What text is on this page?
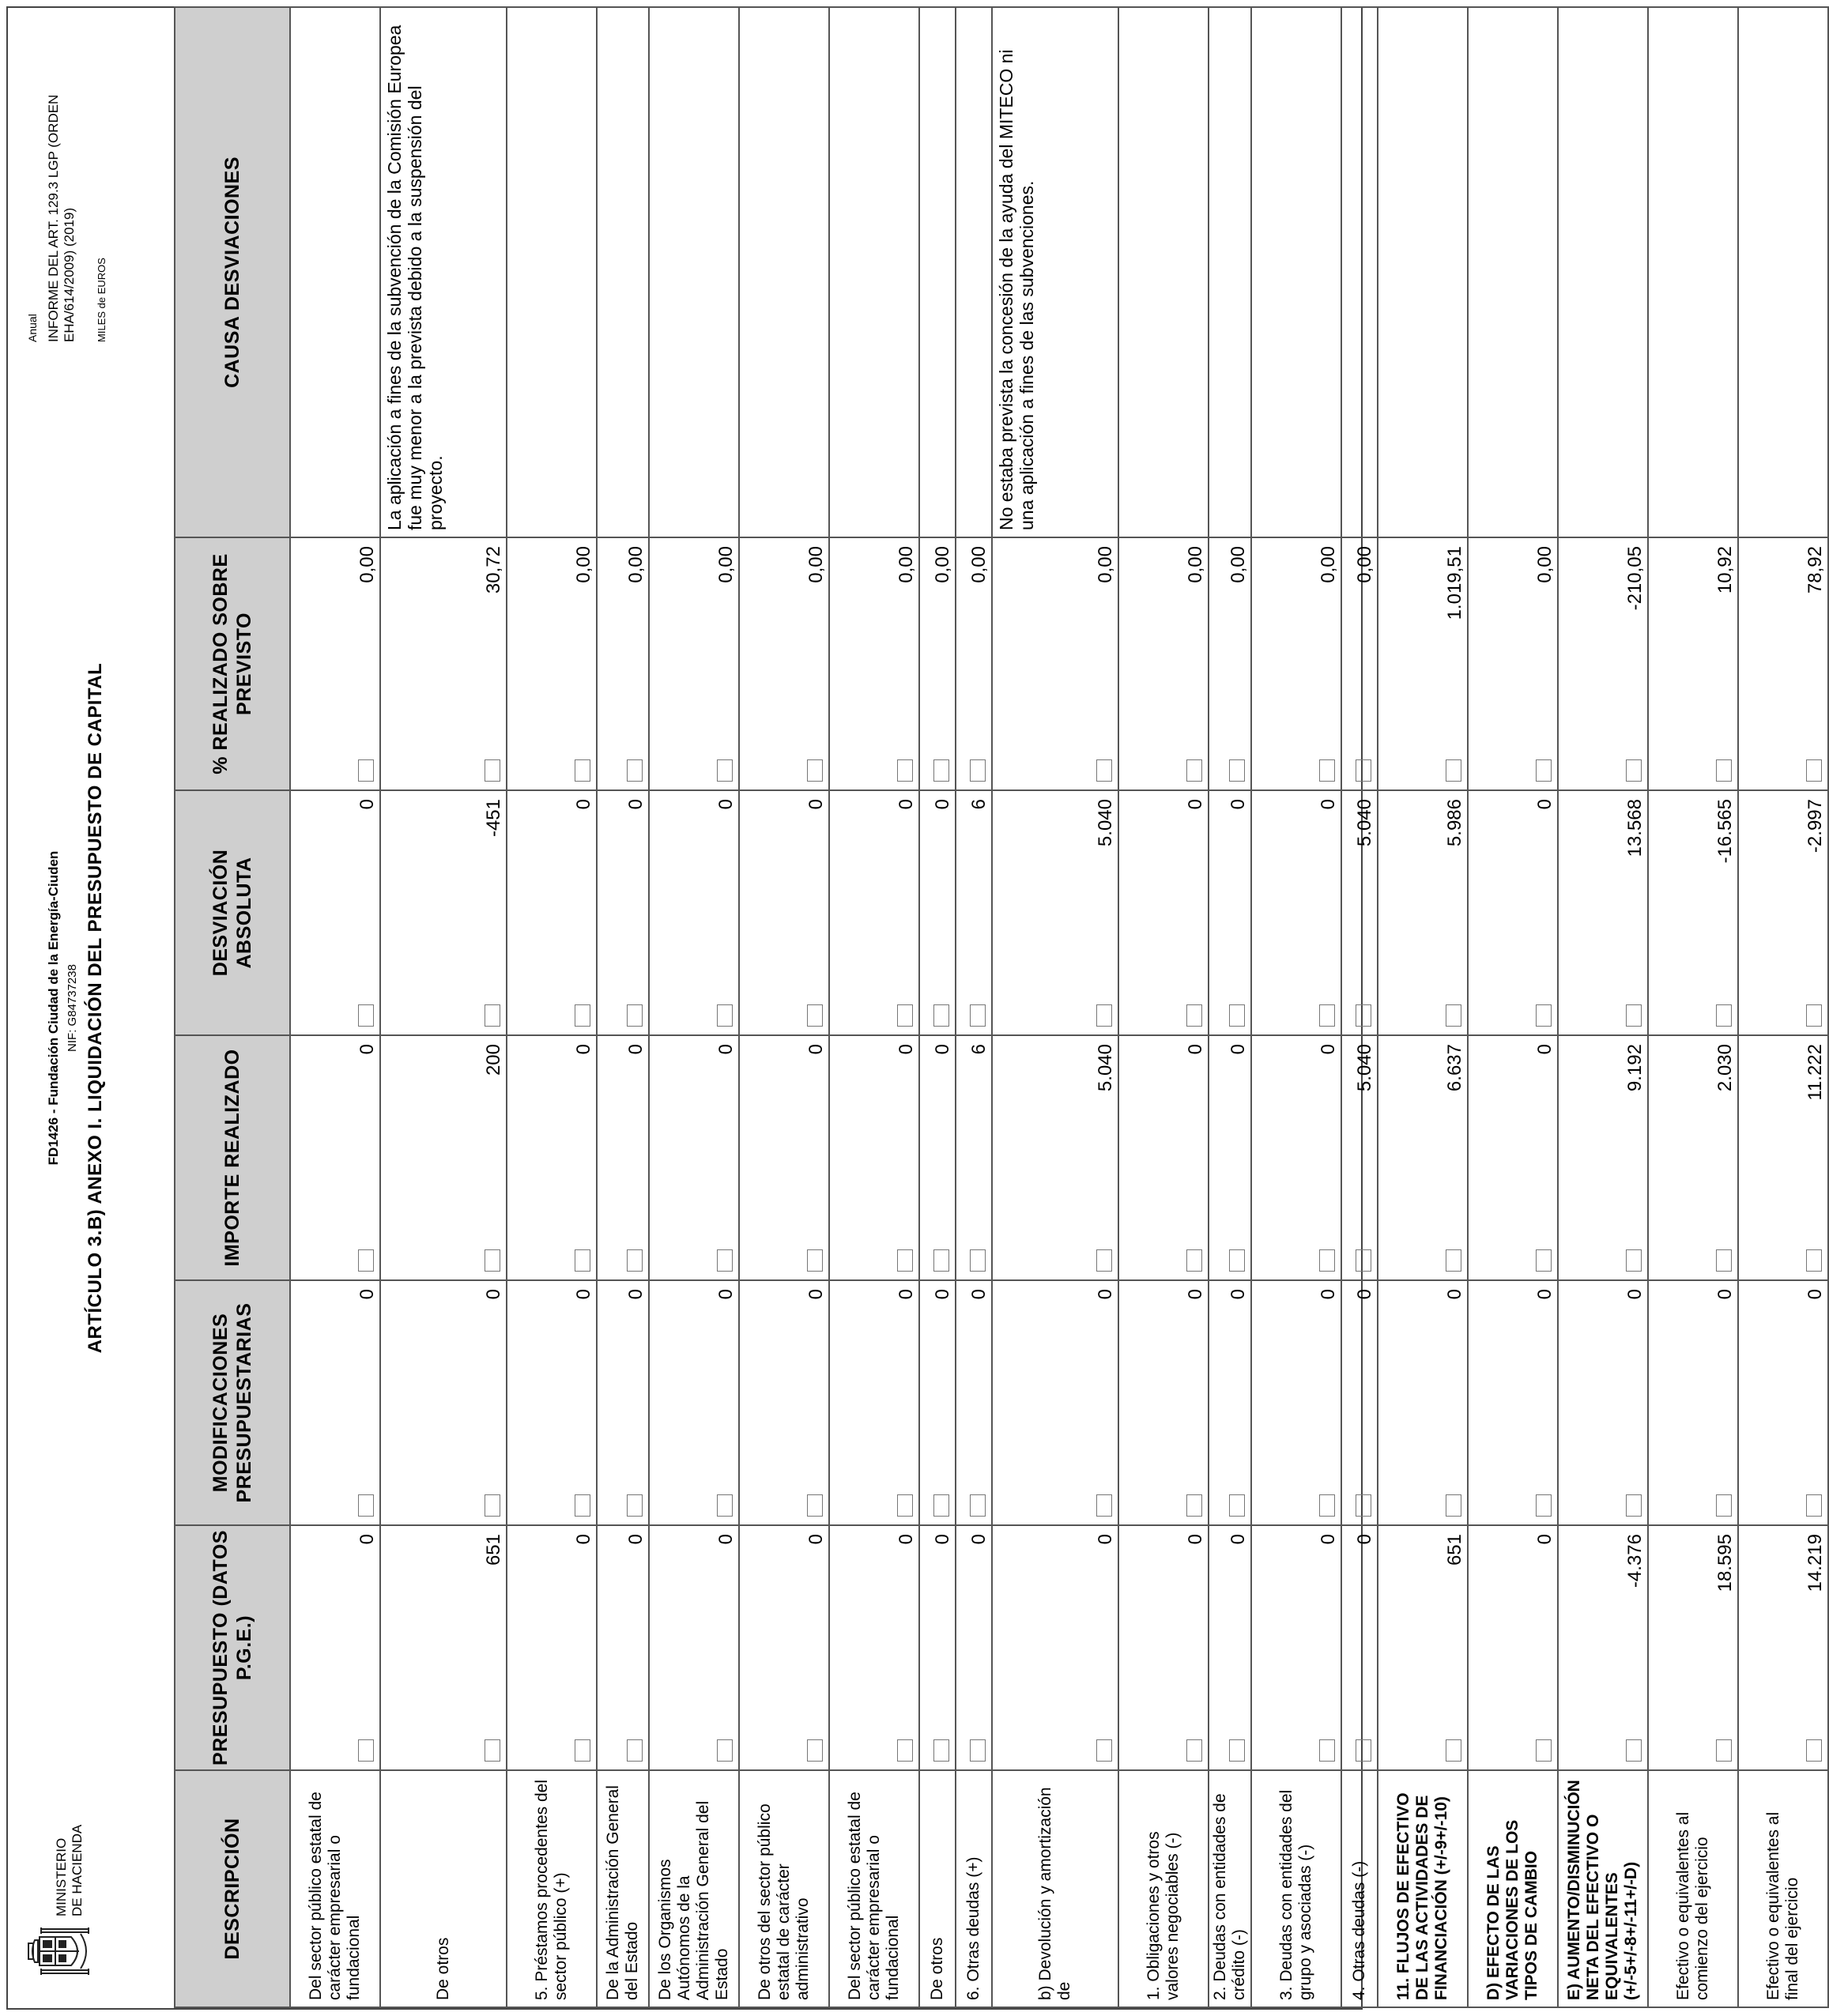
MINISTERIO DE HACIENDA
FD1426 - Fundación Ciudad de la Energía-Ciuden NIF: G84737238 ARTÍCULO 3.B) ANEXO I. LIQUIDACIÓN DEL PRESUPUESTO DE CAPITAL
Anual INFORME DEL ART. 129.3 LGP (ORDEN EHA/614/2009) (2019) MILES de EUROS
DESCRIPCIÓN	PRESUPUESTO (DATOS P.G.E.)	MODIFICACIONES PRESUPUESTARIAS	IMPORTE REALIZADO	DESVIACIÓN ABSOLUTA	% REALIZADO SOBRE PREVISTO	CAUSA DESVIACIONES
Del sector público estatal de carácter empresarial o fundacional	0	0	0	0	0,00	

De otros	651	0	200	-451	30,72	La aplicación a fines de la subvención de la Comisión Europea fue muy menor a la prevista debido a la suspensión del proyecto.
5. Préstamos procedentes del sector público (+)	0	0	0	0	0,00	

De la Administración General del Estado	0	0	0	0	0,00	

De los Organismos Autónomos de la Administración General del Estado	0	0	0	0	0,00	

De otros del sector público estatal de carácter administrativo	0	0	0	0	0,00	

Del sector público estatal de carácter empresarial o fundacional	0	0	0	0	0,00	

De otros	0	0	0	0	0,00	

6. Otras deudas (+)	0	0	6	6	0,00	

b) Devolución y amortización de	0	0	5.040	5.040	0,00	No estaba prevista la concesión de la ayuda del MITECO ni una aplicación a fines de las subvenciones.
1. Obligaciones y otros valores negociables (-)	0	0	0	0	0,00	

2. Deudas con entidades de crédito (-)	0	0	0	0	0,00	

3. Deudas con entidades del grupo y asociadas (-)	0	0	0	0	0,00	

4. Otras deudas (-)	0	0	5.040	5.040	0,00	

11. FLUJOS DE EFECTIVO DE LAS ACTIVIDADES DE FINANCIACIÓN (+/-9+/-10)	651	0	6.637	5.986	1.019,51	

D) EFECTO DE LAS VARIACIONES DE LOS TIPOS DE CAMBIO	0	0	0	0	0,00	

E) AUMENTO/DISMINUCIÓN NETA DEL EFECTIVO O EQUIVALENTES (+/-5+/-8+/-11+/-D)	-4.376	0	9.192	13.568	-210,05	

Efectivo o equivalentes al comienzo del ejercicio	18.595	0	2.030	-16.565	10,92	

Efectivo o equivalentes al final del ejercicio	14.219	0	11.222	-2.997	78,92	
